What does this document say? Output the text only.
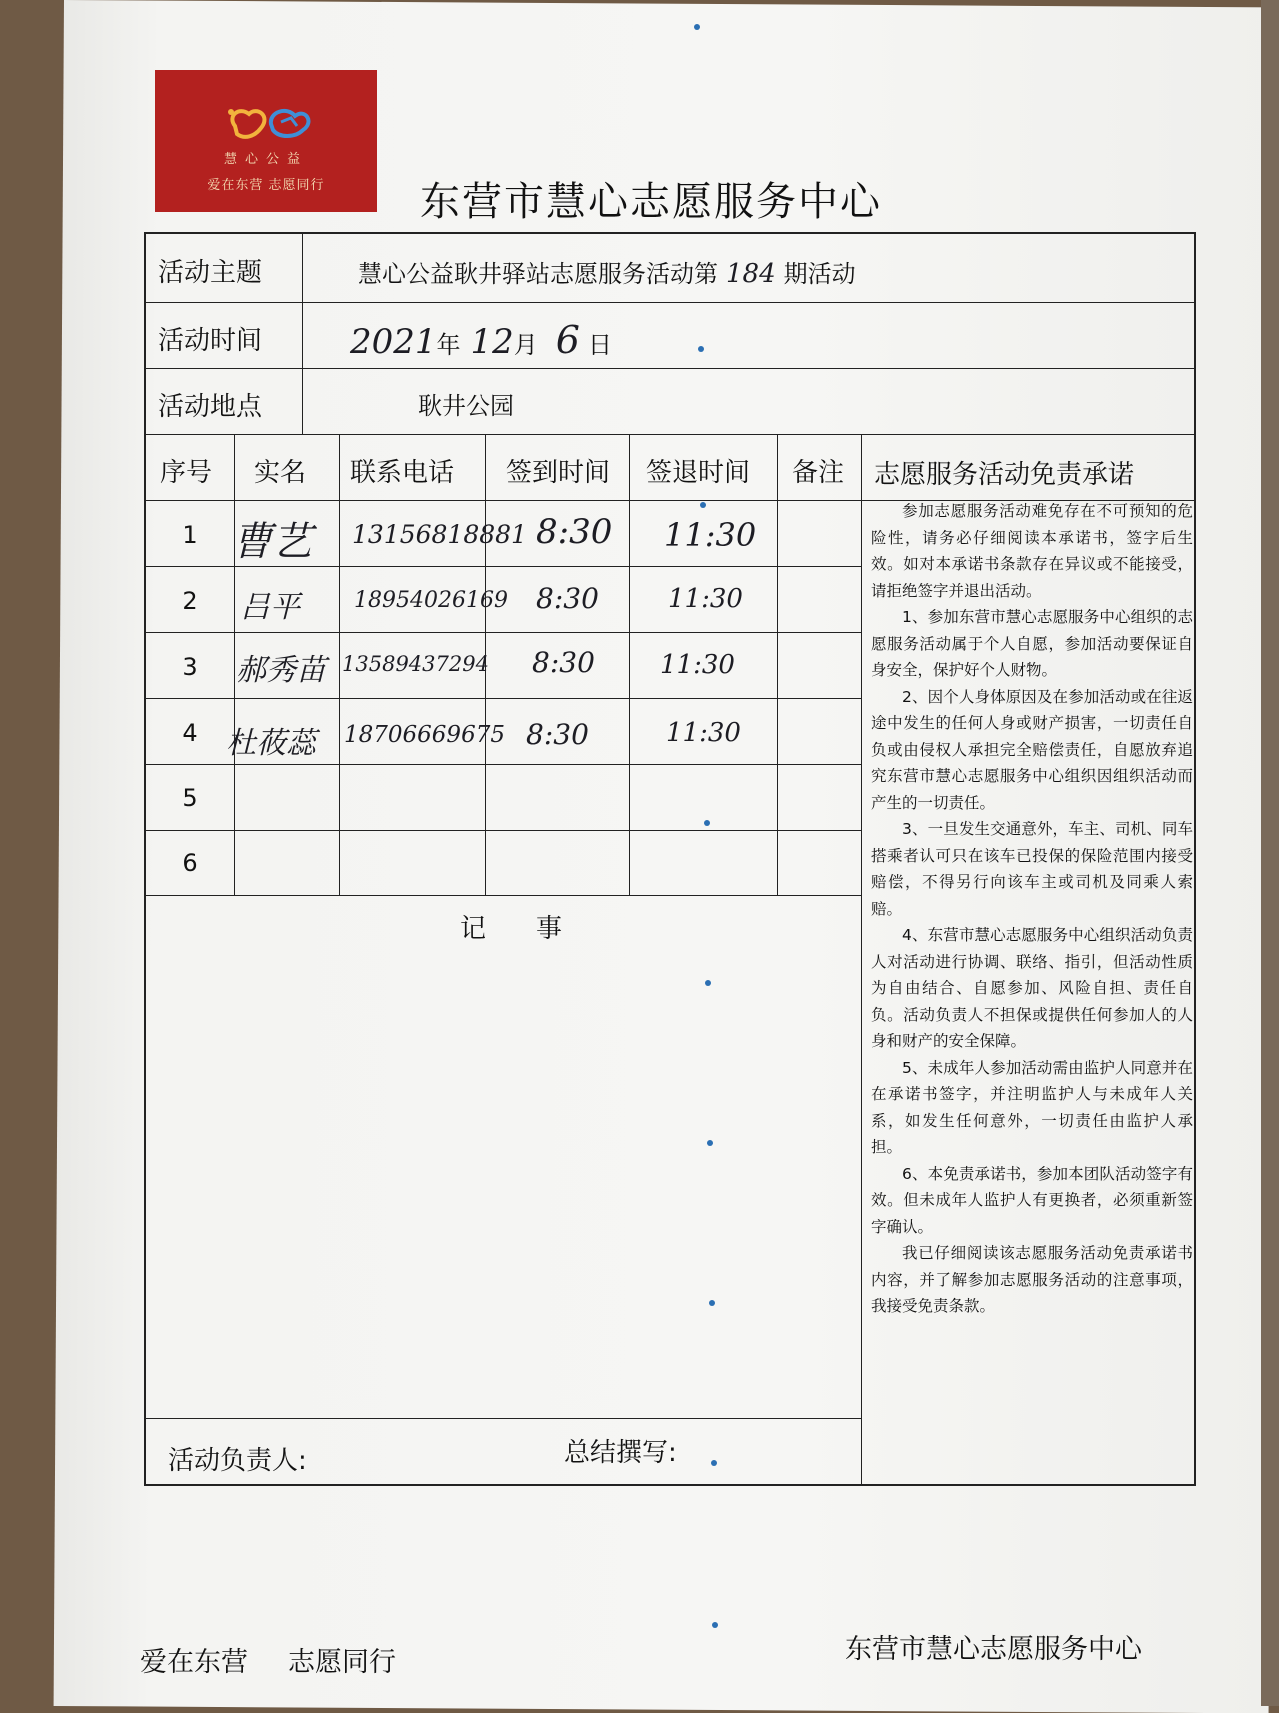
慧心公益
爱在东营 志愿同行	东营市慧心志愿服务中心
活动主题	慧心公益耿井驿站志愿服务活动第 184 期活动
活动时间	2021年 12月 6 日
活动地点	耿井公园
序号 实名 联系电话 签到时间 签退时间 备注 志愿服务活动免责承诺
1 曹艺 13156818881 8:30 11:30
2	吕平 18954026169 8:30	11:30
3	郝秀苗 13589437294 8:30	11:30
4 杜莜蕊 18706669675 8:30	11:30
5
6
记　事
活动负责人:	总结撰写:

参加志愿服务活动难免存在不可预知的危险性，请务必仔细阅读本承诺书，签字后生效。如对本承诺书条款存在异议或不能接受，请拒绝签字并退出活动。

1、参加东营市慧心志愿服务中心组织的志愿服务活动属于个人自愿，参加活动要保证自身安全，保护好个人财物。

2、因个人身体原因及在参加活动或在往返途中发生的任何人身或财产损害，一切责任自负或由侵权人承担完全赔偿责任，自愿放弃追究东营市慧心志愿服务中心组织因组织活动而产生的一切责任。

3、一旦发生交通意外，车主、司机、同车搭乘者认可只在该车已投保的保险范围内接受赔偿，不得另行向该车主或司机及同乘人索赔。

4、东营市慧心志愿服务中心组织活动负责人对活动进行协调、联络、指引，但活动性质为自由结合、自愿参加、风险自担、责任自负。活动负责人不担保或提供任何参加人的人身和财产的安全保障。

5、未成年人参加活动需由监护人同意并在在承诺书签字，并注明监护人与未成年人关系，如发生任何意外，一切责任由监护人承担。

6、本免责承诺书，参加本团队活动签字有效。但未成年人监护人有更换者，必须重新签字确认。

我已仔细阅读该志愿服务活动免责承诺书内容，并了解参加志愿服务活动的注意事项，我接受免责条款。

爱在东营 志愿同行	东营市慧心志愿服务中心
